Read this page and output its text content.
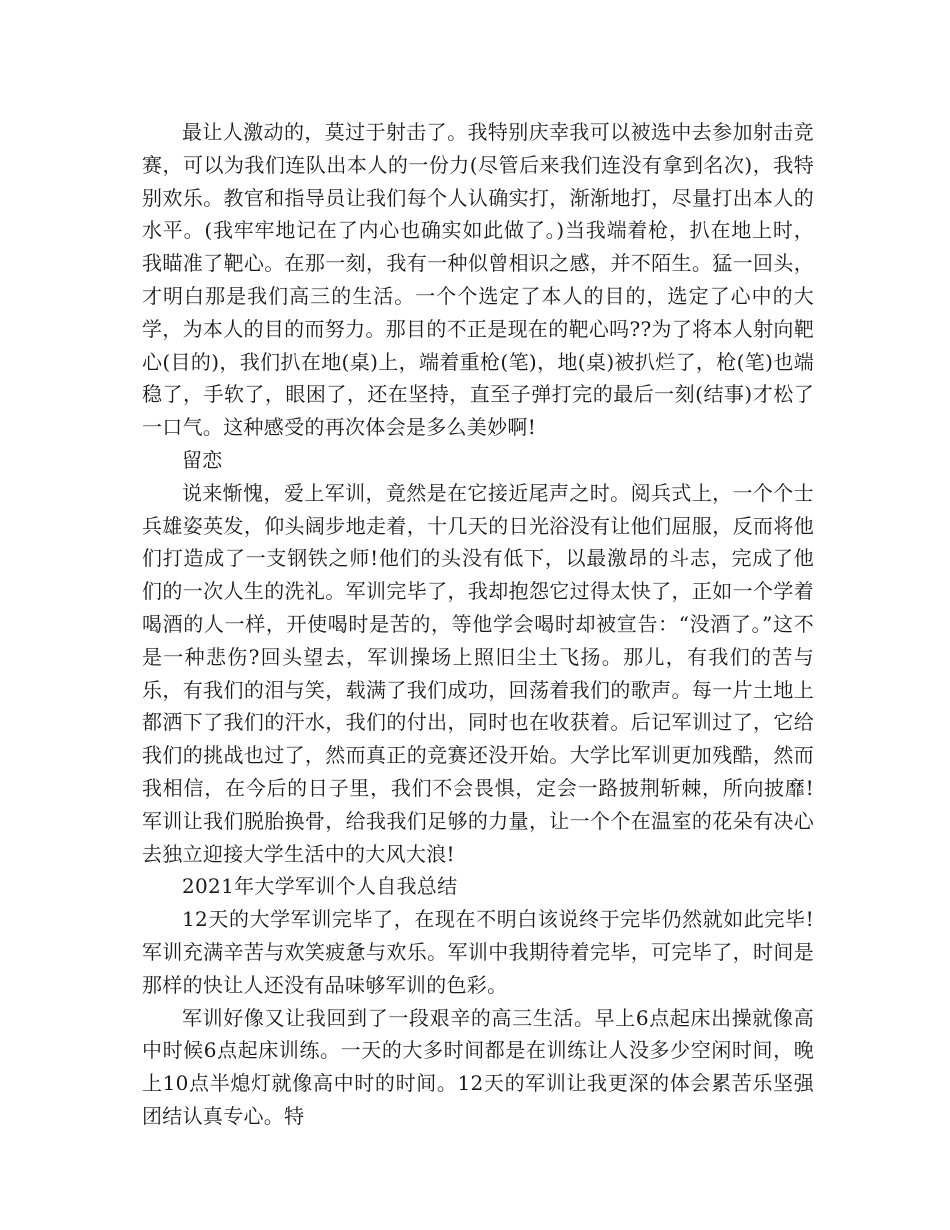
最让人激动的，莫过于射击了。我特别庆幸我可以被选中去参加射击竞赛，可以为我们连队出本人的一份力(尽管后来我们连没有拿到名次)，我特别欢乐。教官和指导员让我们每个人认确实打，渐渐地打，尽量打出本人的水平。(我牢牢地记在了内心也确实如此做了。)当我端着枪，扒在地上时，我瞄准了靶心。在那一刻，我有一种似曾相识之感，并不陌生。猛一回头，才明白那是我们高三的生活。一个个选定了本人的目的，选定了心中的大学，为本人的目的而努力。那目的不正是现在的靶心吗??为了将本人射向靶心(目的)，我们扒在地(桌)上，端着重枪(笔)，地(桌)被扒烂了，枪(笔)也端稳了，手软了，眼困了，还在坚持，直至子弹打完的最后一刻(结事)才松了一口气。这种感受的再次体会是多么美妙啊!

留恋

说来惭愧，爱上军训，竟然是在它接近尾声之时。阅兵式上，一个个士兵雄姿英发，仰头阔步地走着，十几天的日光浴没有让他们屈服，反而将他们打造成了一支钢铁之师!他们的头没有低下，以最激昂的斗志，完成了他们的一次人生的洗礼。军训完毕了，我却抱怨它过得太快了，正如一个学着喝酒的人一样，开使喝时是苦的，等他学会喝时却被宣告：“没酒了。”这不是一种悲伤?回头望去，军训操场上照旧尘土飞扬。那儿，有我们的苦与乐，有我们的泪与笑，载满了我们成功，回荡着我们的歌声。每一片土地上都洒下了我们的汗水，我们的付出，同时也在收获着。后记军训过了，它给我们的挑战也过了，然而真正的竞赛还没开始。大学比军训更加残酷，然而我相信，在今后的日子里，我们不会畏惧，定会一路披荆斩棘，所向披靡!军训让我们脱胎换骨，给我我们足够的力量，让一个个在温室的花朵有决心去独立迎接大学生活中的大风大浪!

2021年大学军训个人自我总结

12天的大学军训完毕了，在现在不明白该说终于完毕仍然就如此完毕!军训充满辛苦与欢笑疲惫与欢乐。军训中我期待着完毕，可完毕了，时间是那样的快让人还没有品味够军训的色彩。

军训好像又让我回到了一段艰辛的高三生活。早上6点起床出操就像高中时候6点起床训练。一天的大多时间都是在训练让人没多少空闲时间，晚上10点半熄灯就像高中时的时间。12天的军训让我更深的体会累苦乐坚强团结认真专心。特
